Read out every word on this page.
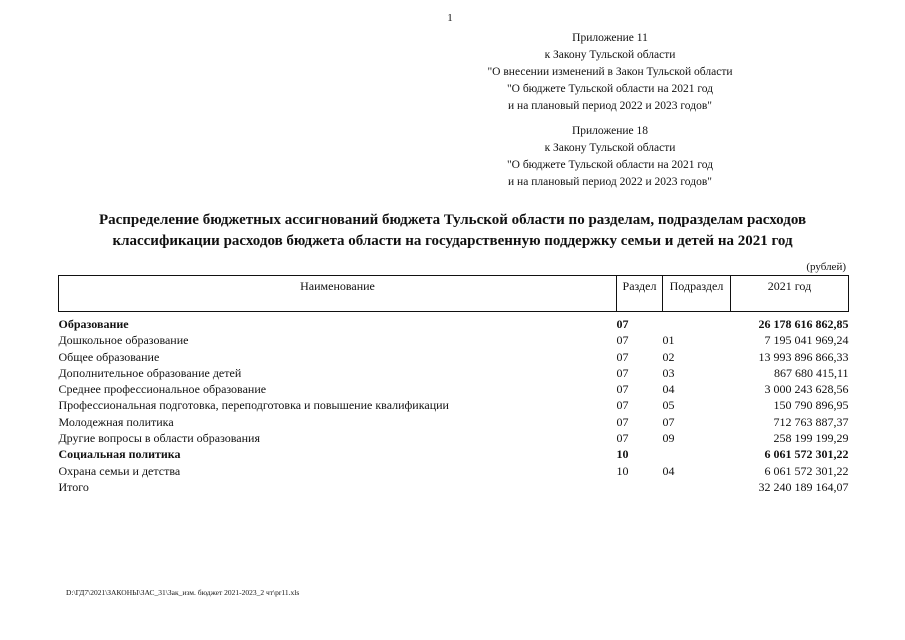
1
Приложение 11
к Закону Тульской области
"О внесении изменений в Закон Тульской области
"О бюджете Тульской области на 2021 год
и на плановый период 2022 и 2023 годов"
Приложение 18
к Закону Тульской области
"О бюджете Тульской области на 2021 год
и на плановый период 2022 и 2023 годов"
Распределение бюджетных ассигнований бюджета Тульской области по разделам, подразделам расходов
классификации расходов бюджета области на государственную поддержку семьи и детей на 2021 год
(рублей)
Наименование	Раздел	Подраздел	2021 год

Образование	07		26 178 616 862,85
Дошкольное образование	07	01	7 195 041 969,24
Общее образование	07	02	13 993 896 866,33
Дополнительное образование детей	07	03	867 680 415,11
Среднее профессиональное образование	07	04	3 000 243 628,56
Профессиональная подготовка, переподготовка и повышение квалификации	07	05	150 790 896,95
Молодежная политика	07	07	712 763 887,37
Другие вопросы в области образования	07	09	258 199 199,29
Социальная политика	10		6 061 572 301,22
Охрана семьи и детства	10	04	6 061 572 301,22
Итого			32 240 189 164,07
D:\ГД7\2021\ЗАКОНЫ\ЗАС_31\Зак_изм. бюджет 2021-2023_2 чт\pr11.xls
